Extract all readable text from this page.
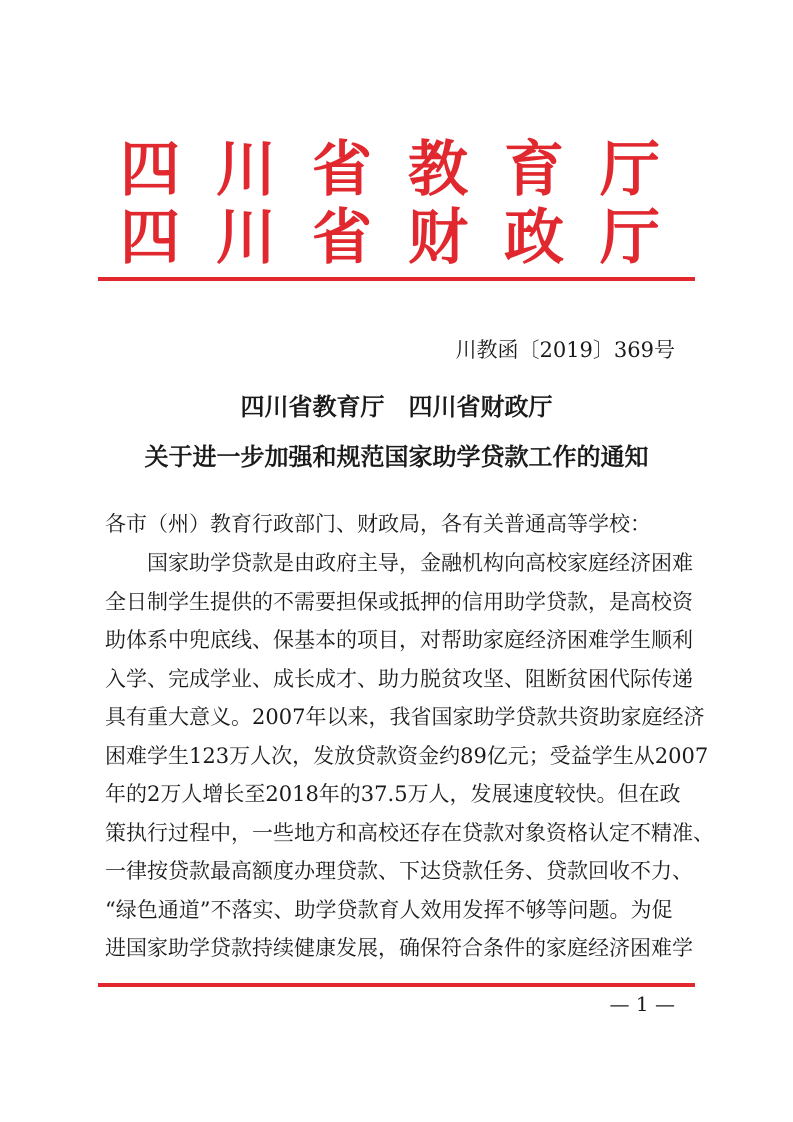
四川省教育厅
四川省财政厅
川教函〔2019〕369号
四川省教育厅　四川省财政厅
关于进一步加强和规范国家助学贷款工作的通知
各市（州）教育行政部门、财政局，各有关普通高等学校：
国家助学贷款是由政府主导，金融机构向高校家庭经济困难
全日制学生提供的不需要担保或抵押的信用助学贷款，是高校资
助体系中兜底线、保基本的项目，对帮助家庭经济困难学生顺利
入学、完成学业、成长成才、助力脱贫攻坚、阻断贫困代际传递
具有重大意义。2007年以来，我省国家助学贷款共资助家庭经济
困难学生123万人次，发放贷款资金约89亿元；受益学生从2007
年的2万人增长至2018年的37.5万人，发展速度较快。但在政
策执行过程中，一些地方和高校还存在贷款对象资格认定不精准、
一律按贷款最高额度办理贷款、下达贷款任务、贷款回收不力、
“绿色通道”不落实、助学贷款育人效用发挥不够等问题。为促
进国家助学贷款持续健康发展，确保符合条件的家庭经济困难学
— 1 —
